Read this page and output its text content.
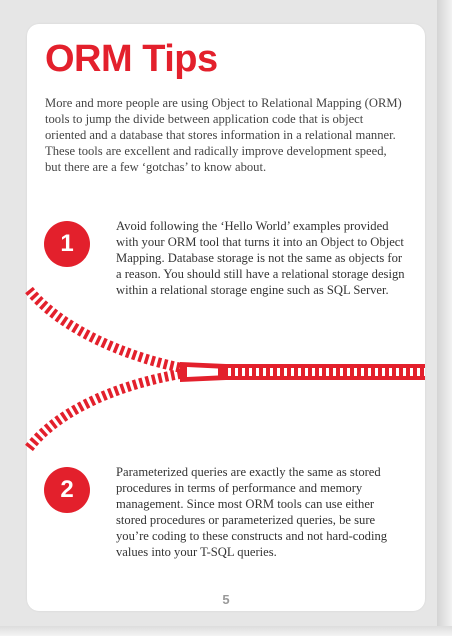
ORM Tips

More and more people are using Object to Relational Mapping (ORM) tools to jump the divide between application code that is object oriented and a database that stores information in a relational manner. These tools are excellent and radically improve development speed, but there are a few ‘gotchas’ to know about.

1

Avoid following the ‘Hello World’ examples provided with your ORM tool that turns it into an Object to Object Mapping. Database storage is not the same as objects for a reason. You should still have a relational storage design within a relational storage engine such as SQL Server.

2

Parameterized queries are exactly the same as stored procedures in terms of performance and memory management. Since most ORM tools can use either stored procedures or parameterized queries, be sure you’re coding to these constructs and not hard-coding values into your T-SQL queries.

5
